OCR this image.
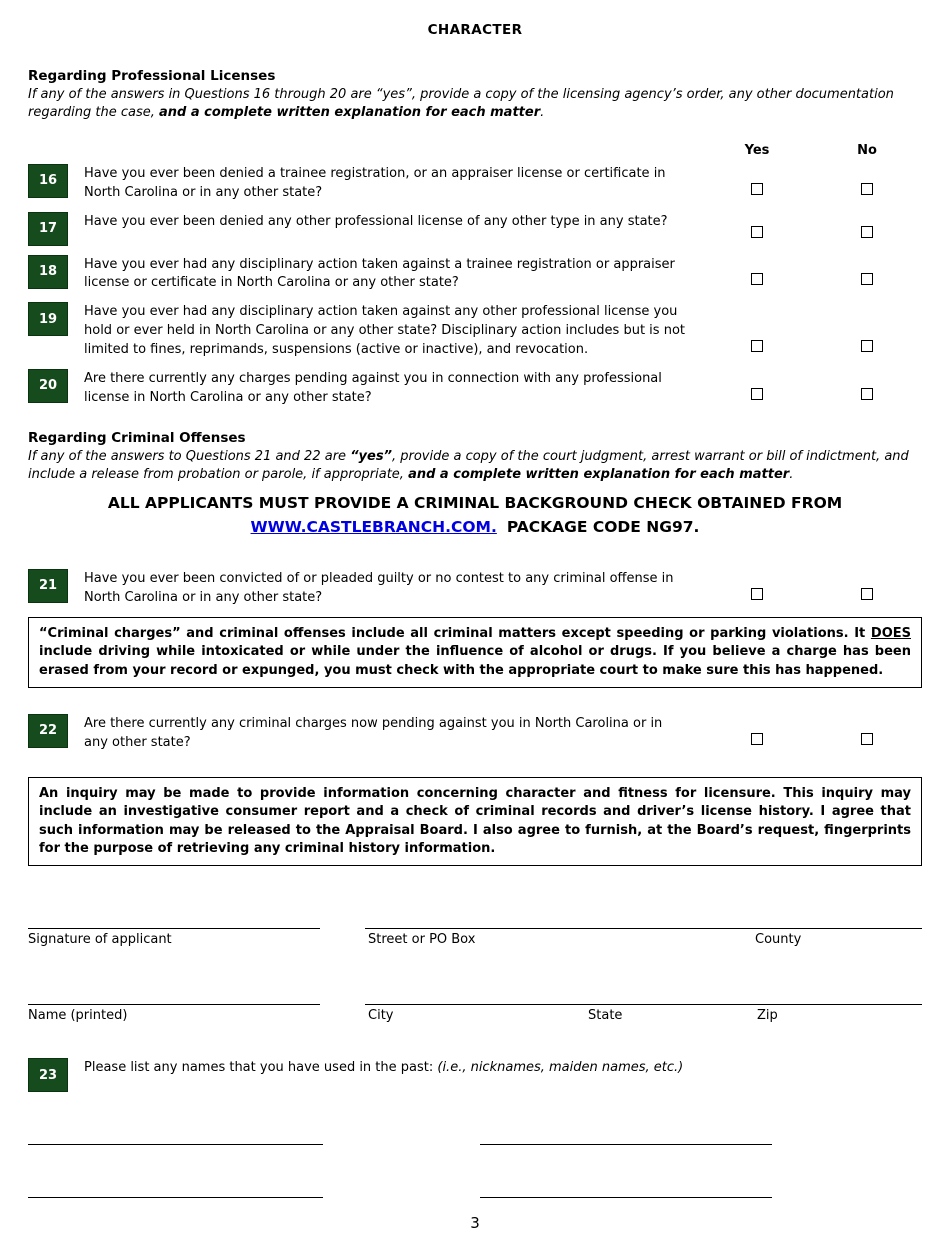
CHARACTER
Regarding Professional Licenses

If any of the answers in Questions 16 through 20 are “yes”, provide a copy of the licensing agency’s order, any other documentation regarding the case, and a complete written explanation for each matter.

Yes	No
16	Have you ever been denied a trainee registration, or an appraiser license or certificate in North Carolina or in any other state?
17	Have you ever been denied any other professional license of any other type in any state?
18	Have you ever had any disciplinary action taken against a trainee registration or appraiser license or certificate in North Carolina or any other state?
19	Have you ever had any disciplinary action taken against any other professional license you hold or ever held in North Carolina or any other state? Disciplinary action includes but is not limited to fines, reprimands, suspensions (active or inactive), and revocation.
20	Are there currently any charges pending against you in connection with any professional license in North Carolina or any other state?
Regarding Criminal Offenses

If any of the answers to Questions 21 and 22 are “yes”, provide a copy of the court judgment, arrest warrant or bill of indictment, and include a release from probation or parole, if appropriate, and a complete written explanation for each matter.

ALL APPLICANTS MUST PROVIDE A CRIMINAL BACKGROUND CHECK OBTAINED FROM
WWW.CASTLEBRANCH.COM. PACKAGE CODE NG97.
21	Have you ever been convicted of or pleaded guilty or no contest to any criminal offense in North Carolina or in any other state?
“Criminal charges” and criminal offenses include all criminal matters except speeding or parking violations. It DOES include driving while intoxicated or while under the influence of alcohol or drugs. If you believe a charge has been erased from your record or expunged, you must check with the appropriate court to make sure this has happened.
22	Are there currently any criminal charges now pending against you in North Carolina or in any other state?
An inquiry may be made to provide information concerning character and fitness for licensure. This inquiry may include an investigative consumer report and a check of criminal records and driver’s license history. I agree that such information may be released to the Appraisal Board. I also agree to furnish, at the Board’s request, fingerprints for the purpose of retrieving any criminal history information.
Signature of applicant	Street or PO Box	County
Name (printed)	City	State	Zip
23	Please list any names that you have used in the past: (i.e., nicknames, maiden names, etc.)
3
